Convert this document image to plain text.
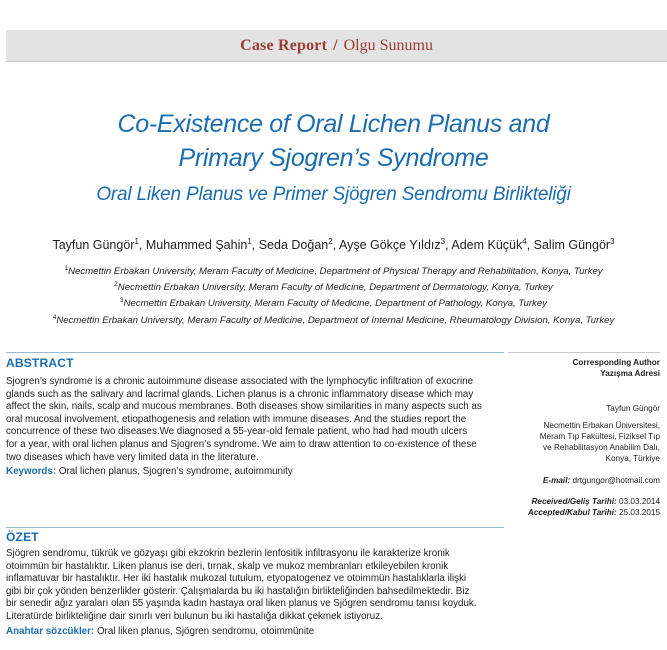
Case Report / Olgu Sunumu
Co-Existence of Oral Lichen Planus and
Primary Sjogren’s Syndrome
Oral Liken Planus ve Primer Sjögren Sendromu Birlikteliği
Tayfun Güngör$^1$, Muhammed Şahin$^1$, Seda Doğan$^2$, Ayşe Gökçe Yıldız$^3$, Adem Küçük$^4$, Salim Güngör$^3$
$^1$Necmettin Erbakan University, Meram Faculty of Medicine, Department of Physical Therapy and Rehabilitation, Konya, Turkey
$^2$Necmettin Erbakan University, Meram Faculty of Medicine, Department of Dermatology, Konya, Turkey
$^3$Necmettin Erbakan University, Meram Faculty of Medicine, Department of Pathology, Konya, Turkey
$^4$Necmettin Erbakan University, Meram Faculty of Medicine, Department of Internal Medicine, Rheumatology Division, Konya, Turkey
ABSTRACT
Sjogren’s syndrome is a chronic autoimmune disease associated with the lymphocytic infiltration of exocrine
glands such as the salivary and lacrimal glands. Lichen planus is a chronic inflammatory disease which may
affect the skin, nails, scalp and mucous membranes. Both diseases show similarities in many aspects such as
oral mucosal involvement, etiopathogenesis and relation with immune diseases. And the studies report the
concurrence of these two diseases.We diagnosed a 55-year-old female patient, who had had mouth ulcers
for a year, with oral lichen planus and Sjogren’s syndrome. We aim to draw attention to co-existence of these
two diseases which have very limited data in the literature.
Keywords: Oral lichen planus, Sjogren’s syndrome, autoimmunity
ÖZET
Sjögren sendromu, tükrük ve gözyaşı gibi ekzokrin bezlerin lenfositik infiltrasyonu ile karakterize kronik
otoimmün bir hastalıktır. Liken planus ise deri, tırnak, skalp ve mukoz membranları etkileyebilen kronik
inflamatuvar bir hastalıktır. Her iki hastalık mukozal tutulum, etyopatogenez ve otoimmün hastalıklarla ilişki
gibi bir çok yönden benzerlikler gösterir. Çalışmalarda bu iki hastalığın birlikteliğinden bahsedilmektedir. Biz
bir senedir ağız yaraları olan 55 yaşında kadın hastaya oral liken planus ve Sjögren sendromu tanısı koyduk.
Literatürde birlikteliğine dair sınırlı veri bulunun bu iki hastalığa dikkat çekmek istiyoruz.
Anahtar sözcükler: Oral liken planus, Sjögren sendromu, otoimmünite
Corresponding Author
Yazışma Adresi
Tayfun Güngör
Necmettin Erbakan Üniversitesi,
Meram Tıp Fakültesi, Fiziksel Tıp
ve Rehabilitasyon Anabilim Dalı,
Konya, Türkiye
E-mail: drtgungor@hotmail.com
Received/Geliş Tarihi: 03.03.2014
Accepted/Kabul Tarihi: 25.03.2015
